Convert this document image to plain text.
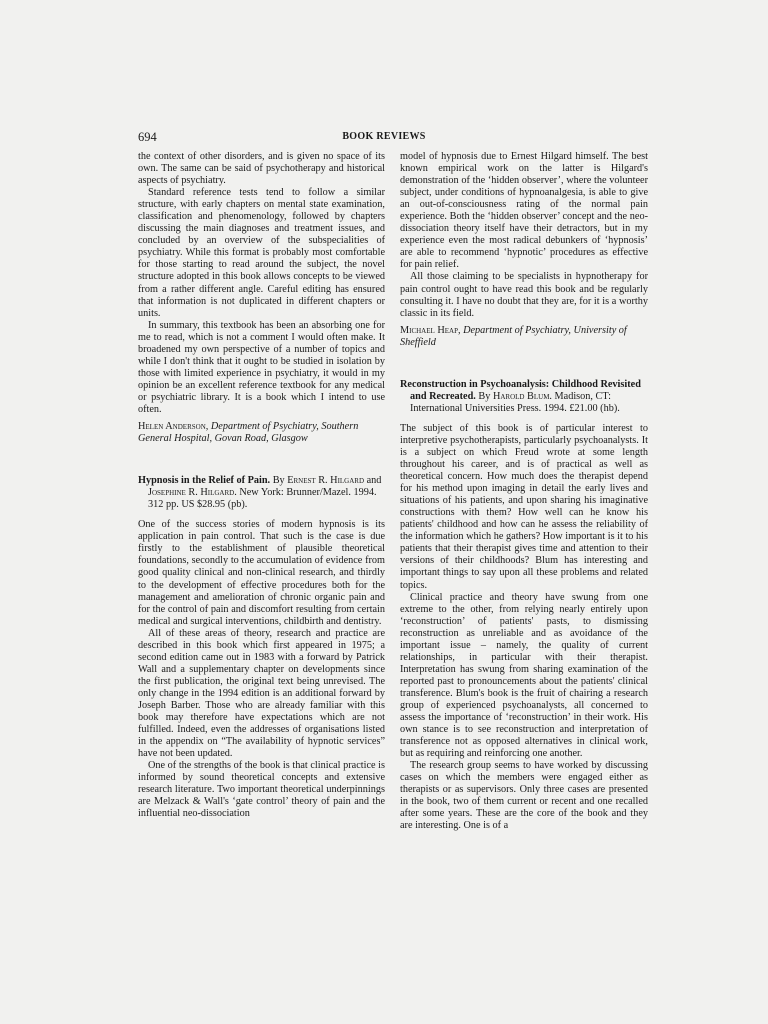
694	BOOK REVIEWS

the context of other disorders, and is given no space of its own. The same can be said of psychotherapy and historical aspects of psychiatry.

Standard reference tests tend to follow a similar structure, with early chapters on mental state examination, classification and phenomenology, followed by chapters discussing the main diagnoses and treatment issues, and concluded by an overview of the subspecialities of psychiatry. While this format is probably most comfortable for those starting to read around the subject, the novel structure adopted in this book allows concepts to be viewed from a rather different angle. Careful editing has ensured that information is not duplicated in different chapters or units.

In summary, this textbook has been an absorbing one for me to read, which is not a comment I would often make. It broadened my own perspective of a number of topics and while I don't think that it ought to be studied in isolation by those with limited experience in psychiatry, it would in my opinion be an excellent reference textbook for any medical or psychiatric library. It is a book which I intend to use often.

Helen Anderson, Department of Psychiatry, Southern General Hospital, Govan Road, Glasgow

Hypnosis in the Relief of Pain. By Ernest R. Hilgard and Josephine R. Hilgard. New York: Brunner/Mazel. 1994. 312 pp. US $28.95 (pb).

One of the success stories of modern hypnosis is its application in pain control. That such is the case is due firstly to the establishment of plausible theoretical foundations, secondly to the accumulation of evidence from good quality clinical and non-clinical research, and thirdly to the development of effective procedures both for the management and amelioration of chronic organic pain and for the control of pain and discomfort resulting from certain medical and surgical interventions, childbirth and dentistry.

All of these areas of theory, research and practice are described in this book which first appeared in 1975; a second edition came out in 1983 with a forward by Patrick Wall and a supplementary chapter on developments since the first publication, the original text being unrevised. The only change in the 1994 edition is an additional forward by Joseph Barber. Those who are already familiar with this book may therefore have expectations which are not fulfilled. Indeed, even the addresses of organisations listed in the appendix on “The availability of hypnotic services” have not been updated.

One of the strengths of the book is that clinical practice is informed by sound theoretical concepts and extensive research literature. Two important theoretical underpinnings are Melzack & Wall's ‘gate control’ theory of pain and the influential neo-dissociation

model of hypnosis due to Ernest Hilgard himself. The best known empirical work on the latter is Hilgard's demonstration of the ‘hidden observer’, where the volunteer subject, under conditions of hypnoanalgesia, is able to give an out-of-consciousness rating of the normal pain experience. Both the ‘hidden observer’ concept and the neo-dissociation theory itself have their detractors, but in my experience even the most radical debunkers of ‘hypnosis’ are able to recommend ‘hypnotic’ procedures as effective for pain relief.

All those claiming to be specialists in hypnotherapy for pain control ought to have read this book and be regularly consulting it. I have no doubt that they are, for it is a worthy classic in its field.

Michael Heap, Department of Psychiatry, University of Sheffield

Reconstruction in Psychoanalysis: Childhood Revisited and Recreated. By Harold Blum. Madison, CT: International Universities Press. 1994. £21.00 (hb).

The subject of this book is of particular interest to interpretive psychotherapists, particularly psychoanalysts. It is a subject on which Freud wrote at some length throughout his career, and is of practical as well as theoretical concern. How much does the therapist depend for his method upon imaging in detail the early lives and situations of his patients, and upon sharing his imaginative constructions with them? How well can he know his patients' childhood and how can he assess the reliability of the information which he gathers? How important is it to his patients that their therapist gives time and attention to their versions of their childhoods? Blum has interesting and important things to say upon all these problems and related topics.

Clinical practice and theory have swung from one extreme to the other, from relying nearly entirely upon ‘reconstruction’ of patients' pasts, to dismissing reconstruction as unreliable and as avoidance of the important issue – namely, the quality of current relationships, in particular with their therapist. Interpretation has swung from sharing examination of the reported past to pronouncements about the patients' clinical transference. Blum's book is the fruit of chairing a research group of experienced psychoanalysts, all concerned to assess the importance of ‘reconstruction’ in their work. His own stance is to see reconstruction and interpretation of transference not as opposed alternatives in clinical work, but as requiring and reinforcing one another.

The research group seems to have worked by discussing cases on which the members were engaged either as therapists or as supervisors. Only three cases are presented in the book, two of them current or recent and one recalled after some years. These are the core of the book and they are interesting. One is of a
